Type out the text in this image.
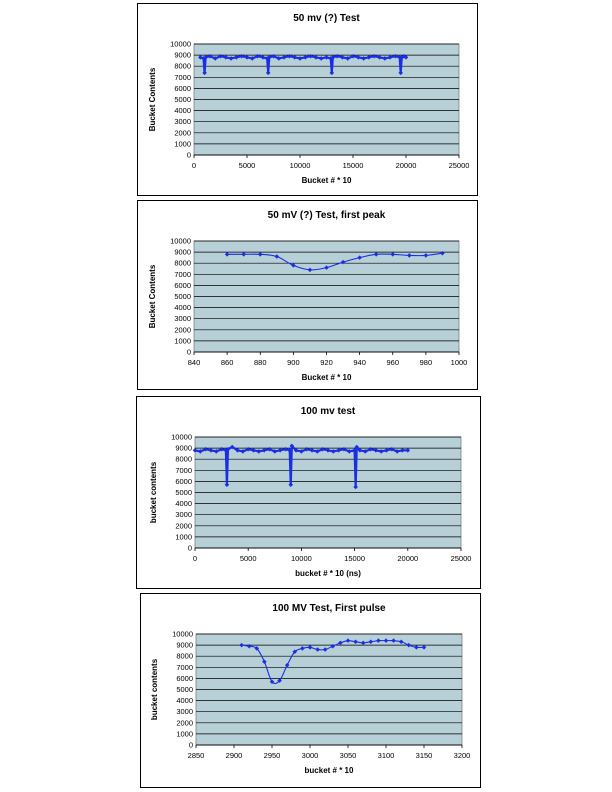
50 mv (?) Test
0
1000
2000
3000
4000
5000
6000
7000
8000
9000
10000
0	5000	10000	15000	20000	25000
Bucket # * 10
Bucket Contents
50 mV (?) Test, first peak
0
1000
2000
3000
4000
5000
6000
7000
8000
9000
10000
840	860	880	900	920	940	960	980 1000
Bucket # * 10
Bucket Contents
100 mv test
0
1000
2000
3000
4000
5000
6000
7000
8000
9000
10000
0	5000	10000	15000	20000	25000
bucket # * 10 (ns)
bucket contents
100 MV Test, First pulse
0
1000
2000
3000
4000
5000
6000
7000
8000
9000
10000
2850	2900	2950	3000	3050	3100	3150	3200
bucket # * 10
bucket contents
